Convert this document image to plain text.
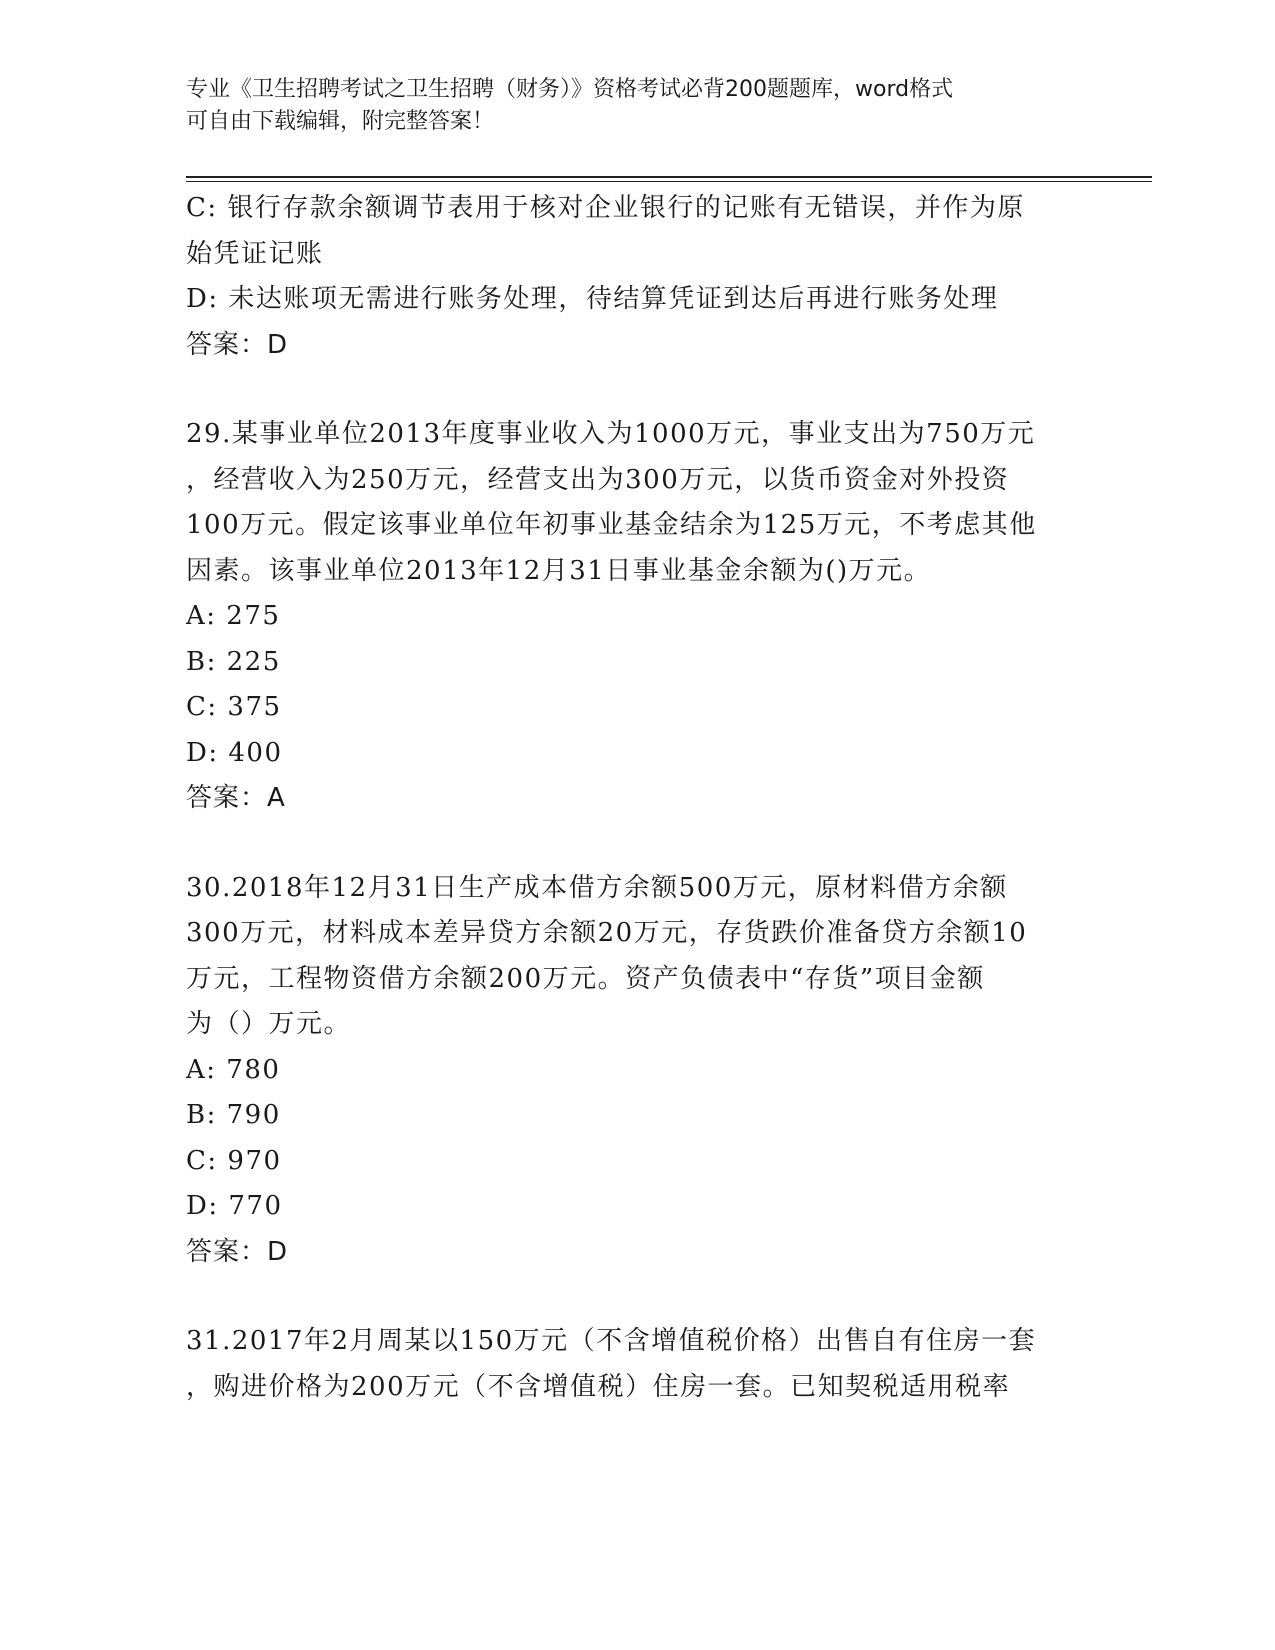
专业《卫生招聘考试之卫生招聘（财务）》资格考试必背200题题库，word格式
可自由下载编辑，附完整答案！
C: 银行存款余额调节表用于核对企业银行的记账有无错误，并作为原
始凭证记账
D: 未达账项无需进行账务处理，待结算凭证到达后再进行账务处理
答案：D
29.某事业单位2013年度事业收入为1000万元，事业支出为750万元
，经营收入为250万元，经营支出为300万元，以货币资金对外投资
100万元。假定该事业单位年初事业基金结余为125万元，不考虑其他
因素。该事业单位2013年12月31日事业基金余额为()万元。
A: 275
B: 225
C: 375
D: 400
答案：A
30.2018年12月31日生产成本借方余额500万元，原材料借方余额
300万元，材料成本差异贷方余额20万元，存货跌价准备贷方余额10
万元，工程物资借方余额200万元。资产负债表中“存货”项目金额
为（）万元。
A: 780
B: 790
C: 970
D: 770
答案：D
31.2017年2月周某以150万元（不含增值税价格）出售自有住房一套
，购进价格为200万元（不含增值税）住房一套。已知契税适用税率
